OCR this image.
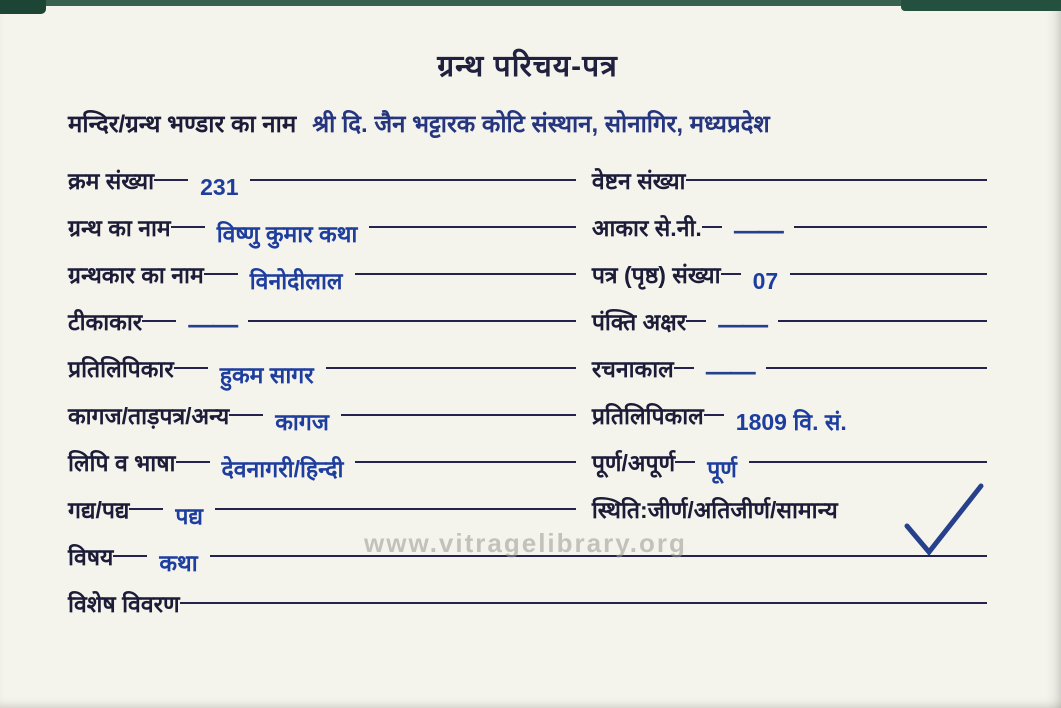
ग्रन्थ परिचय-पत्र
मन्दिर/ग्रन्थ भण्डार का नाम श्री दि. जैन भट्टारक कोटि संस्थान, सोनागिर, मध्यप्रदेश
क्रम संख्या	231	वेष्टन संख्या
ग्रन्थ का नाम	विष्णु कुमार कथा	आकार से.नी.	——
ग्रन्थकार का नाम	विनोदीलाल	पत्र (पृष्ठ) संख्या	07
टीकाकार	——	पंक्ति अक्षर	——
प्रतिलिपिकार	हुकम सागर	रचनाकाल	——
कागज/ताड़पत्र/अन्य	कागज	प्रतिलिपिकाल	1809 वि. सं.
लिपि व भाषा	देवनागरी/हिन्दी	पूर्ण/अपूर्ण	पूर्ण
गद्य/पद्य	पद्य	स्थिति:जीर्ण/अतिजीर्ण/सामान्य
विषय	कथा
विशेष विवरण
www.vitragelibrary.org
